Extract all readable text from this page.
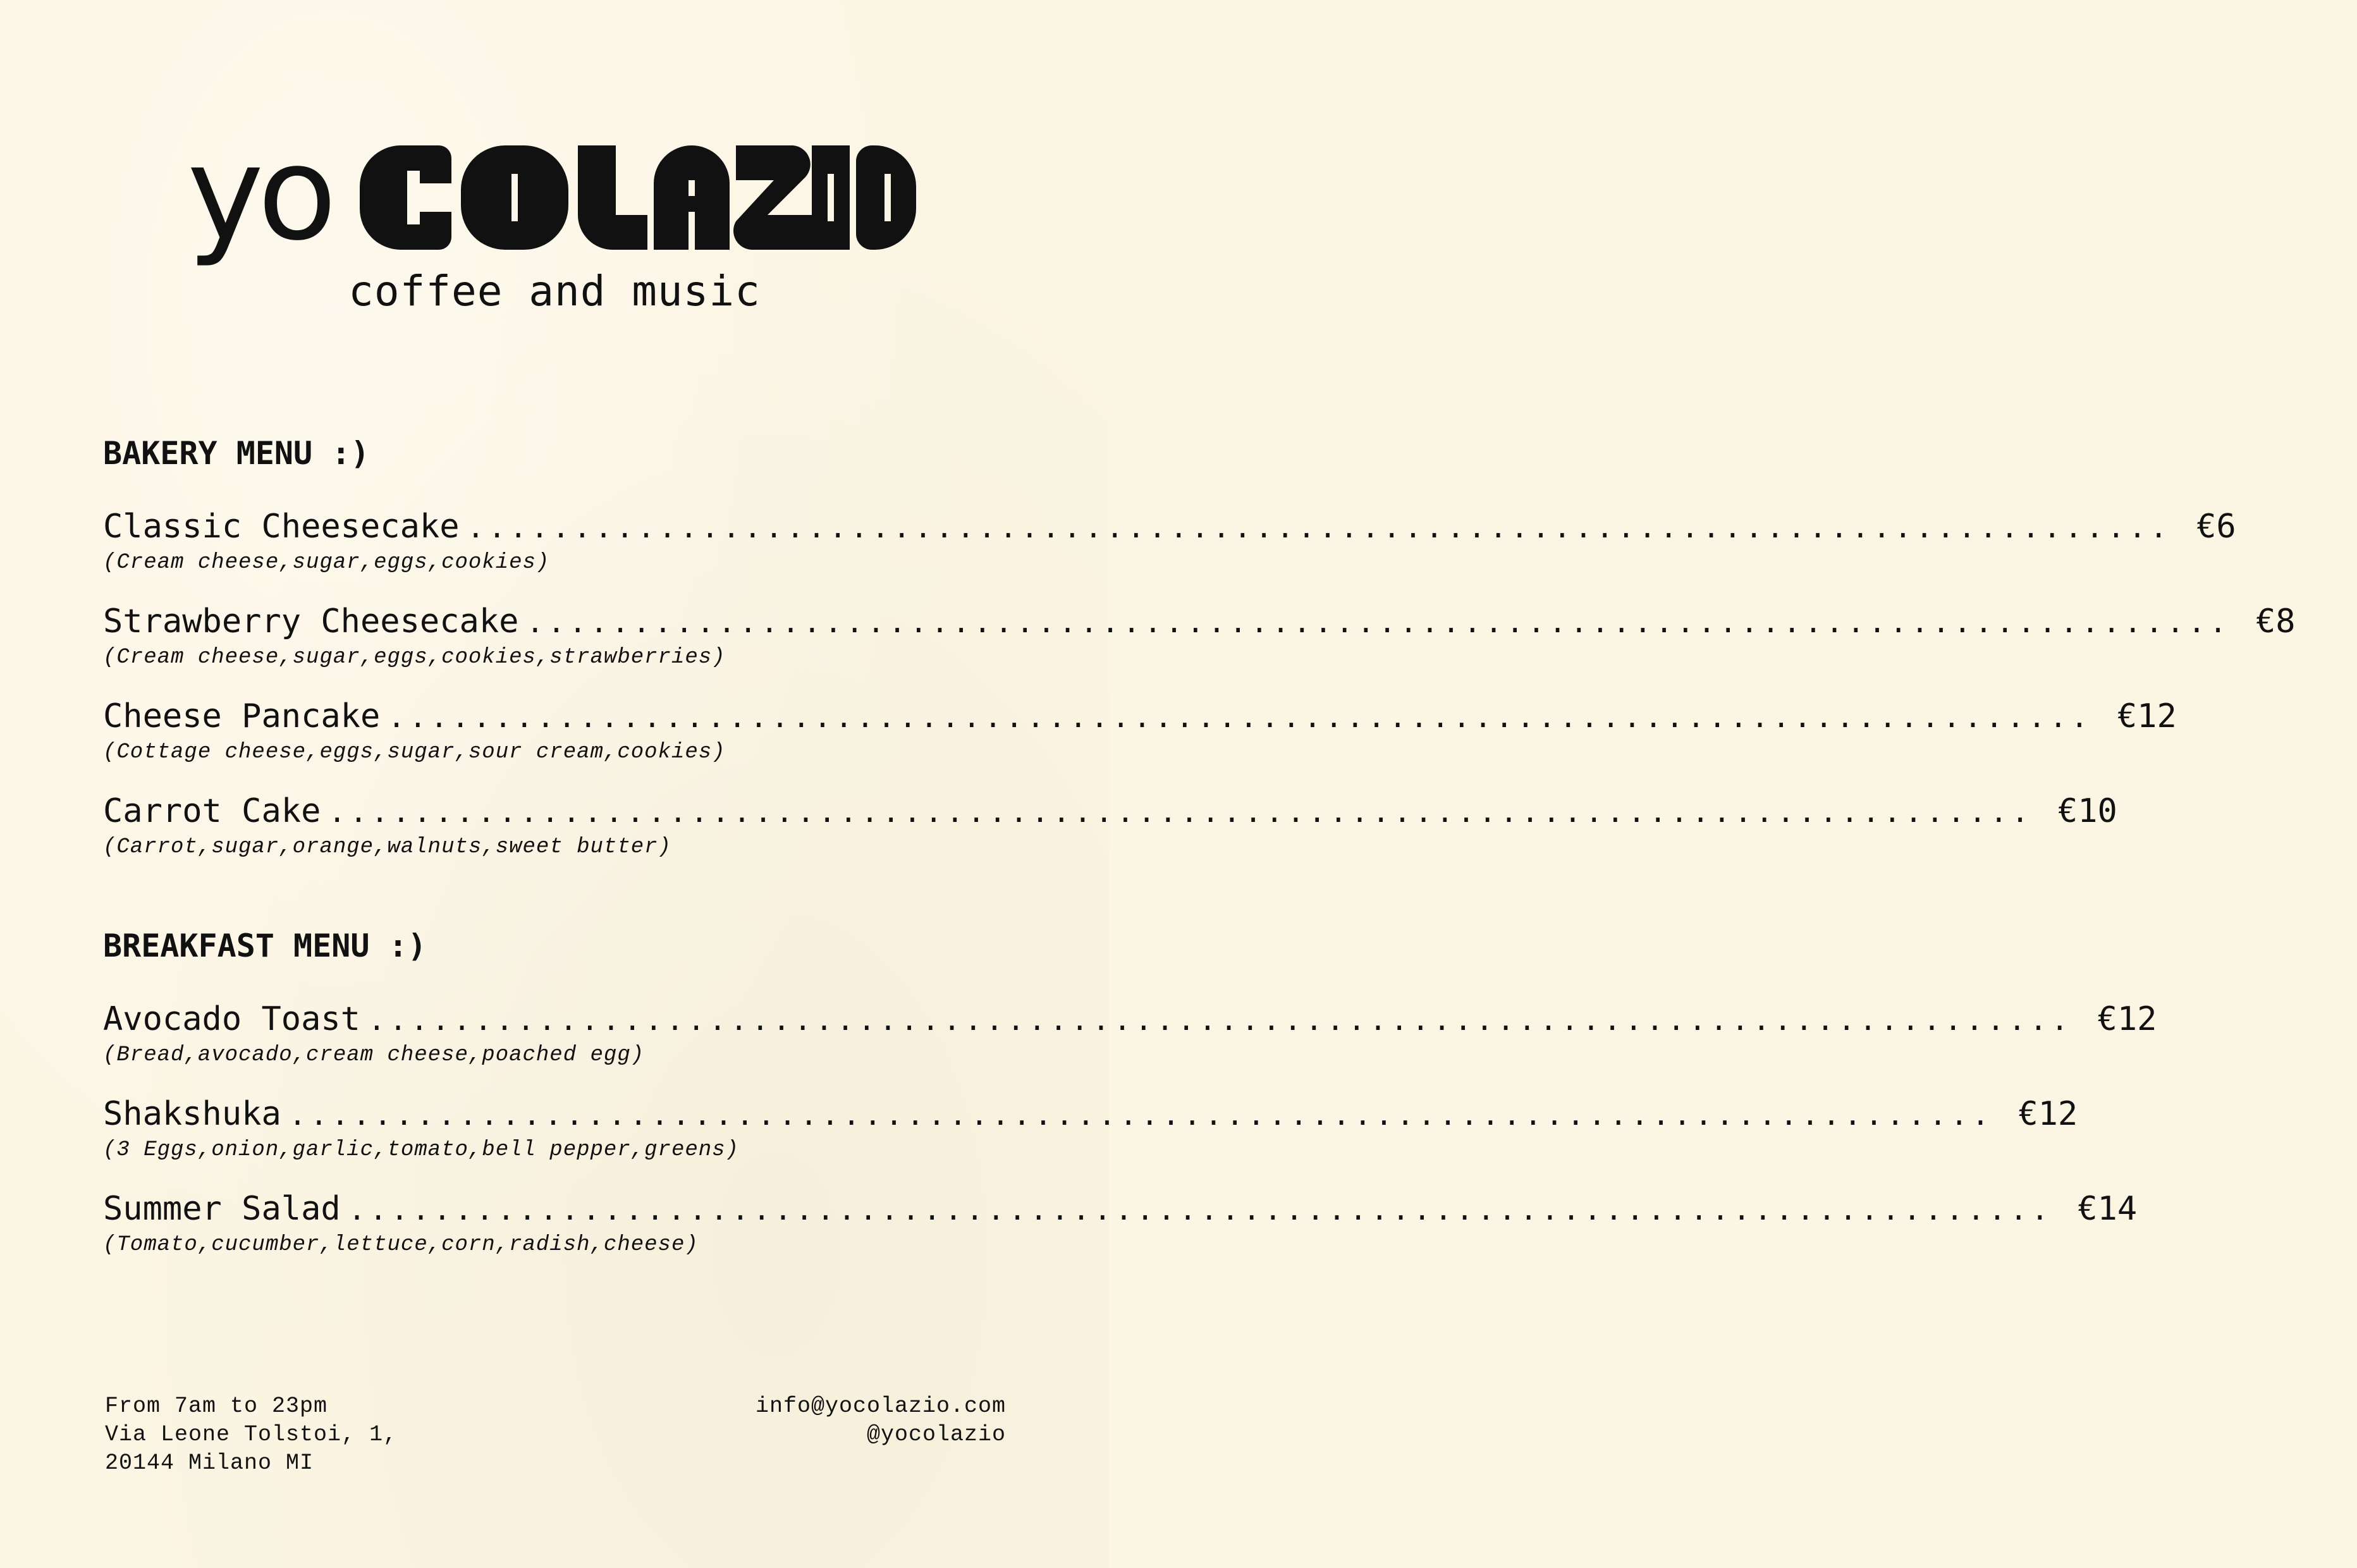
yo	COLAZIO
coffee and music
BAKERY MENU :)
Classic Cheesecake .....	€6
(Cream cheese,sugar,eggs,cookies)
Strawberry Cheesecake .....	€8
(Cream cheese,sugar,eggs,cookies,strawberries)
Cheese Pancake .....	€12
(Cottage cheese,eggs,sugar,sour cream,cookies)
Carrot Cake .....	€10
(Carrot,sugar,orange,walnuts,sweet butter)
BREAKFAST MENU :)
Avocado Toast .....	€12
(Bread,avocado,cream cheese,poached egg)
Shakshuka .....	€12
(3 Eggs,onion,garlic,tomato,bell pepper,greens)
Summer Salad .....	€14
(Tomato,cucumber,lettuce,corn,radish,cheese)
From 7am to 23pm
Via Leone Tolstoi, 1,
20144 Milano MI
info@yocolazio.com
@yocolazio
